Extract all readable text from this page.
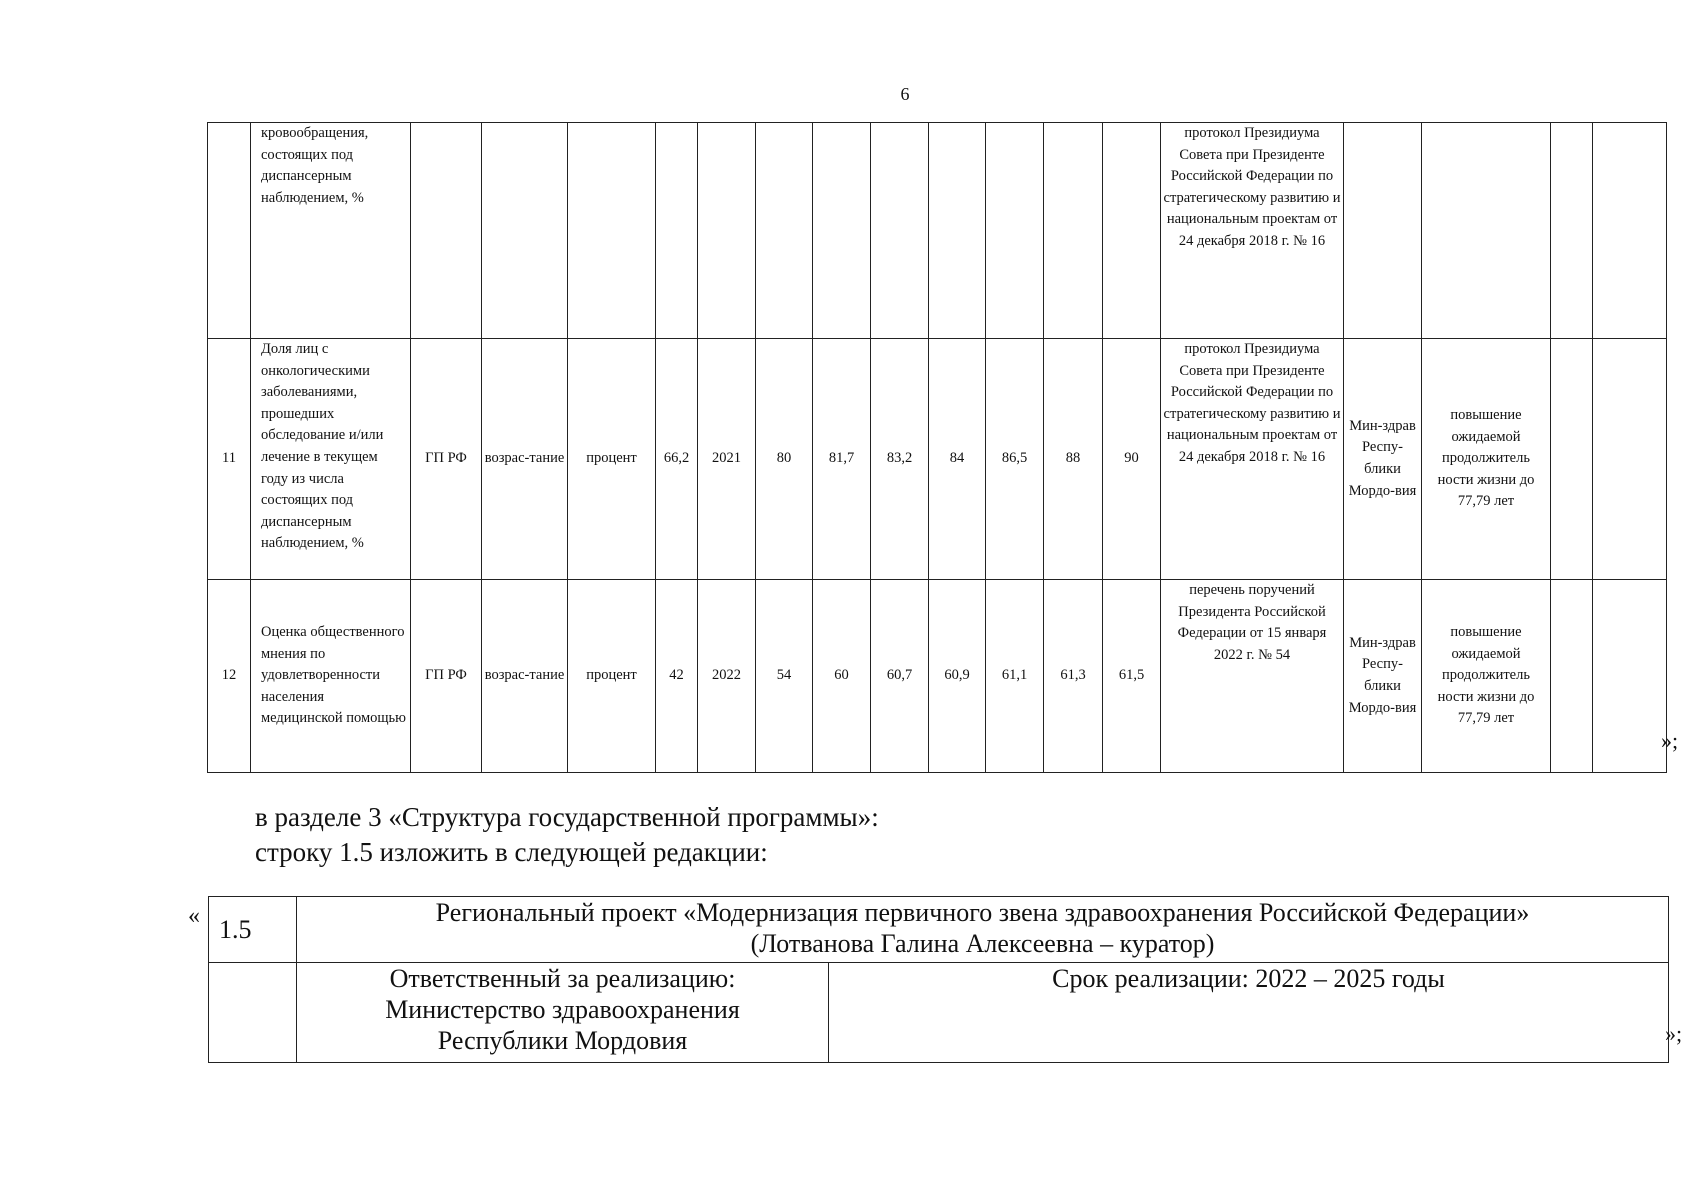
6
	кровообращения, состоящих под диспансерным наблюдением, %													протокол Президиума Совета при Президенте Российской Федерации по стратегическому развитию и национальным проектам от 24 декабря 2018 г. № 16				
11	Доля лиц с онкологическими заболеваниями, прошедших обследование и/или лечение в текущем году из числа состоящих под диспансерным наблюдением, %	ГП РФ	возрас-тание	процент	66,2	2021	80	81,7	83,2	84	86,5	88	90	протокол Президиума Совета при Президенте Российской Федерации по стратегическому развитию и национальным проектам от 24 декабря 2018 г. № 16	Мин-здрав Респу-блики Мордо-вия	повышение ожидаемой продолжитель ности жизни до 77,79 лет		
12	Оценка общественного мнения по удовлетворенности населения медицинской помощью	ГП РФ	возрас-тание	процент	42	2022	54	60	60,7	60,9	61,1	61,3	61,5	перечень поручений Президента Российской Федерации от 15 января 2022 г. № 54	Мин-здрав Респу-блики Мордо-вия	повышение ожидаемой продолжитель ности жизни до 77,79 лет		
»;
в разделе 3 «Структура государственной программы»:
строку 1.5 изложить в следующей редакции:
« 1.5	Региональный проект «Модернизация первичного звена здравоохранения Российской Федерации»
(Лотванова Галина Алексеевна – куратор)	

	Ответственный за реализацию:
Министерство здравоохранения
Республики Мордовия	Срок реализации: 2022 – 2025 годы
»;
